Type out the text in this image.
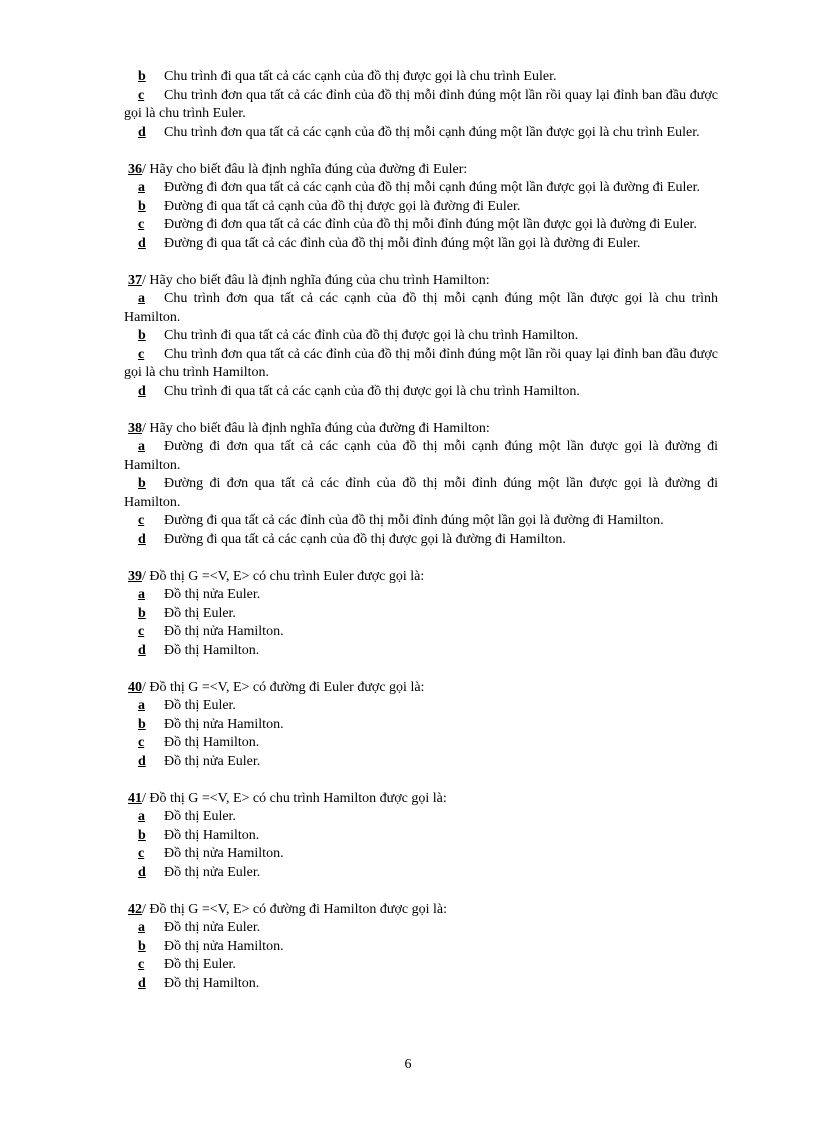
b Chu trình đi qua tất cả các cạnh của đồ thị được gọi là chu trình Euler.
c Chu trình đơn qua tất cả các đỉnh của đồ thị mỗi đỉnh đúng một lần rồi quay lại đỉnh ban đầu được gọi là chu trình Euler.
d Chu trình đơn qua tất cả các cạnh của đồ thị mỗi cạnh đúng một lần được gọi là chu trình Euler.
36/ Hãy cho biết đâu là định nghĩa đúng của đường đi Euler:
a Đường đi đơn qua tất cả các cạnh của đồ thị mỗi cạnh đúng một lần được gọi là đường đi Euler.
b Đường đi qua tất cả cạnh của đồ thị được gọi là đường đi Euler.
c Đường đi đơn qua tất cả các đỉnh của đồ thị mỗi đỉnh đúng một lần được gọi là đường đi Euler.
d Đường đi qua tất cả các đỉnh của đồ thị mỗi đỉnh đúng một lần gọi là đường đi Euler.
37/ Hãy cho biết đâu là định nghĩa đúng của chu trình Hamilton:
a Chu trình đơn qua tất cả các cạnh của đồ thị mỗi cạnh đúng một lần được gọi là chu trình Hamilton.
b Chu trình đi qua tất cả các đỉnh của đồ thị được gọi là chu trình Hamilton.
c Chu trình đơn qua tất cả các đỉnh của đồ thị mỗi đỉnh đúng một lần rồi quay lại đỉnh ban đầu được gọi là chu trình Hamilton.
d Chu trình đi qua tất cả các cạnh của đồ thị được gọi là chu trình Hamilton.
38/ Hãy cho biết đâu là định nghĩa đúng của đường đi Hamilton:
a Đường đi đơn qua tất cả các cạnh của đồ thị mỗi cạnh đúng một lần được gọi là đường đi Hamilton.
b Đường đi đơn qua tất cả các đỉnh của đồ thị mỗi đỉnh đúng một lần được gọi là đường đi Hamilton.
c Đường đi qua tất cả các đỉnh của đồ thị mỗi đỉnh đúng một lần gọi là đường đi Hamilton.
d Đường đi qua tất cả các cạnh của đồ thị được gọi là đường đi Hamilton.
39/ Đồ thị G =<V, E> có chu trình Euler được gọi là:
a Đồ thị nửa Euler.
b Đồ thị Euler.
c Đồ thị nửa Hamilton.
d Đồ thị Hamilton.
40/ Đồ thị G =<V, E> có đường đi Euler được gọi là:
a Đồ thị Euler.
b Đồ thị nửa Hamilton.
c Đồ thị Hamilton.
d Đồ thị nửa Euler.
41/ Đồ thị G =<V, E> có chu trình Hamilton được gọi là:
a Đồ thị Euler.
b Đồ thị Hamilton.
c Đồ thị nửa Hamilton.
d Đồ thị nửa Euler.
42/ Đồ thị G =<V, E> có đường đi Hamilton được gọi là:
a Đồ thị nửa Euler.
b Đồ thị nửa Hamilton.
c Đồ thị Euler.
d Đồ thị Hamilton.
6
